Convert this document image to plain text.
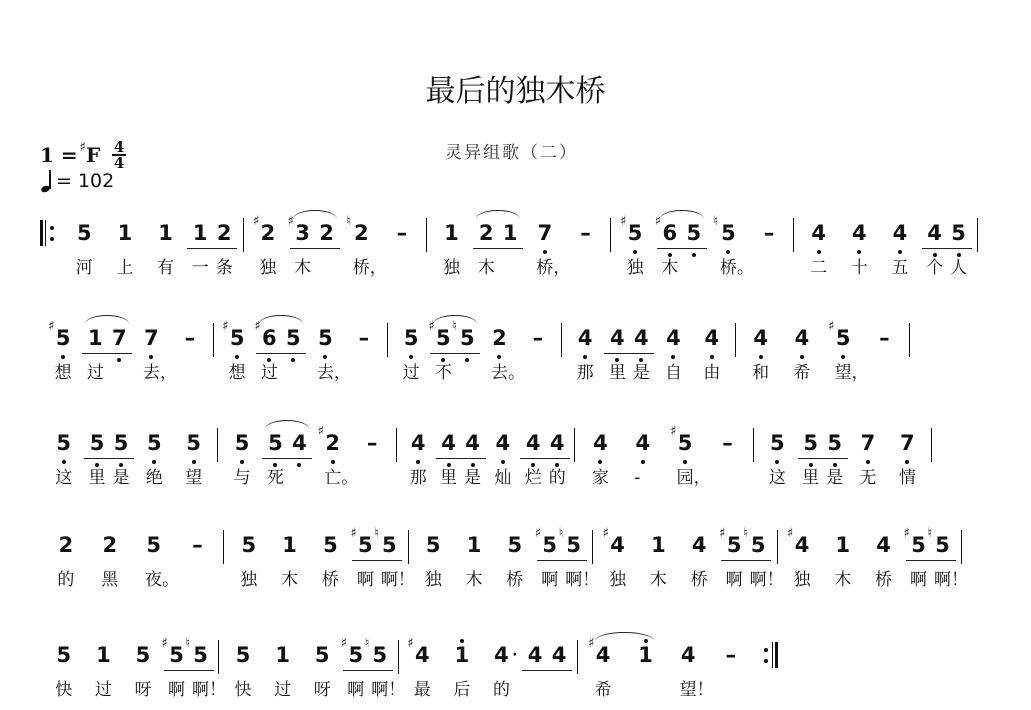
最后的独木桥
灵异组歌（二）
1 = ♯ F $\frac{4}{4}$
= 102
5
河
1
上
1
有
1
一
2
条
2
♯
独
3
♯
木
2 2
♮
桥，
– 1
独
2
木
1 7
桥，
– 5
♯
独
6
♯
木
5 5
♮
桥。
– 4
二
4
十
4
五
4
个
5
人
5
♯
想
1
过
7 7
去，
– 5
♯
想
6
♯
过
5 5
去，
– 5
过
5
♯
不
5
♮ 2
去。
– 4
那
4
里
4
是
4
自
4
由
4
和
4
希
5
♯
望，
–
5
这
5
里
5
是
5
绝
5
望
5
与
5
死
4 2
♯
亡。
– 4
那
4
里
4
是
4
灿
4
烂
4
的
4
家
4
-
5
♯
园，
– 5
这
5
里
5
是
7
无
7
情
2
的
2
黑
5
夜。
– 5
独
1
木
5
桥
5
♯
啊
5
♮
啊！
5
独
1
木
5
桥
5
♯
啊
5
♮
啊！
4
♯
独
1
木
4
桥
5
♯
啊
5
♮
啊！
4
♯
独
1
木
4
桥
5
♯
啊
5
♮
啊！
5
快
1
过
5
呀
5
♯
啊
5
♮
啊！
5
快
1
过
5
呀
5
♯
啊
5
♮
啊！
4
♯
最
1
后
4 ·
的
4 4 4
♯
希
1 4
望！
–
